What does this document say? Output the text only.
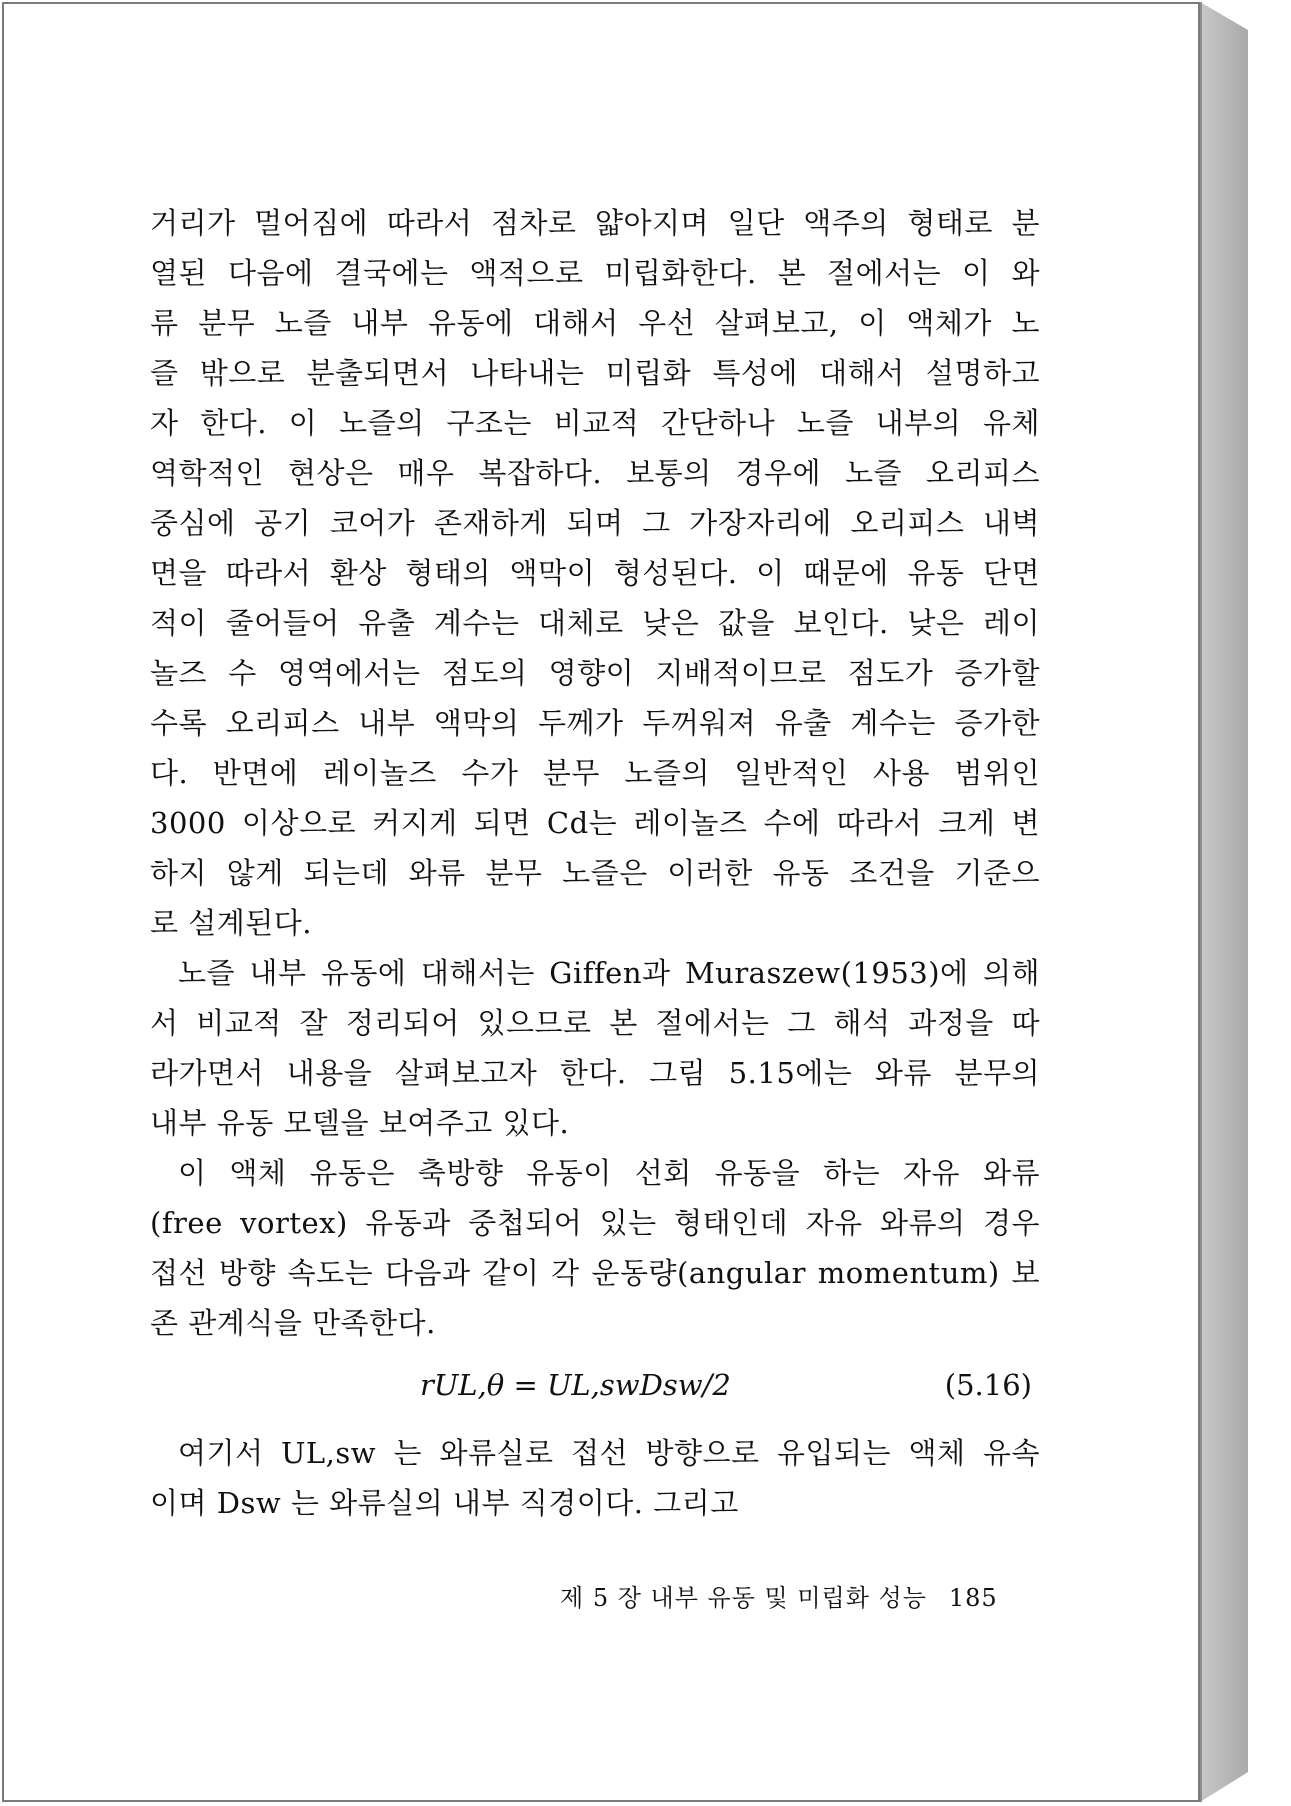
거리가 멀어짐에 따라서 점차로 얇아지며 일단 액주의 형태로 분
열된 다음에 결국에는 액적으로 미립화한다. 본 절에서는 이 와
류 분무 노즐 내부 유동에 대해서 우선 살펴보고, 이 액체가 노
즐 밖으로 분출되면서 나타내는 미립화 특성에 대해서 설명하고
자 한다. 이 노즐의 구조는 비교적 간단하나 노즐 내부의 유체
역학적인 현상은 매우 복잡하다. 보통의 경우에 노즐 오리피스
중심에 공기 코어가 존재하게 되며 그 가장자리에 오리피스 내벽
면을 따라서 환상 형태의 액막이 형성된다. 이 때문에 유동 단면
적이 줄어들어 유출 계수는 대체로 낮은 값을 보인다. 낮은 레이
놀즈 수 영역에서는 점도의 영향이 지배적이므로 점도가 증가할
수록 오리피스 내부 액막의 두께가 두꺼워져 유출 계수는 증가한
다. 반면에 레이놀즈 수가 분무 노즐의 일반적인 사용 범위인
3000 이상으로 커지게 되면 Cd는 레이놀즈 수에 따라서 크게 변
하지 않게 되는데 와류 분무 노즐은 이러한 유동 조건을 기준으
로 설계된다.
노즐 내부 유동에 대해서는 Giffen과 Muraszew(1953)에 의해
서 비교적 잘 정리되어 있으므로 본 절에서는 그 해석 과정을 따
라가면서 내용을 살펴보고자 한다. 그림 5.15에는 와류 분무의
내부 유동 모델을 보여주고 있다.
이 액체 유동은 축방향 유동이 선회 유동을 하는 자유 와류
(free vortex) 유동과 중첩되어 있는 형태인데 자유 와류의 경우
접선 방향 속도는 다음과 같이 각 운동량(angular momentum) 보
존 관계식을 만족한다.
rUL,θ = UL,swDsw/2	(5.16)
여기서 UL,sw 는 와류실로 접선 방향으로 유입되는 액체 유속
이며 Dsw 는 와류실의 내부 직경이다. 그리고
제 5 장 내부 유동 및 미립화 성능 185
